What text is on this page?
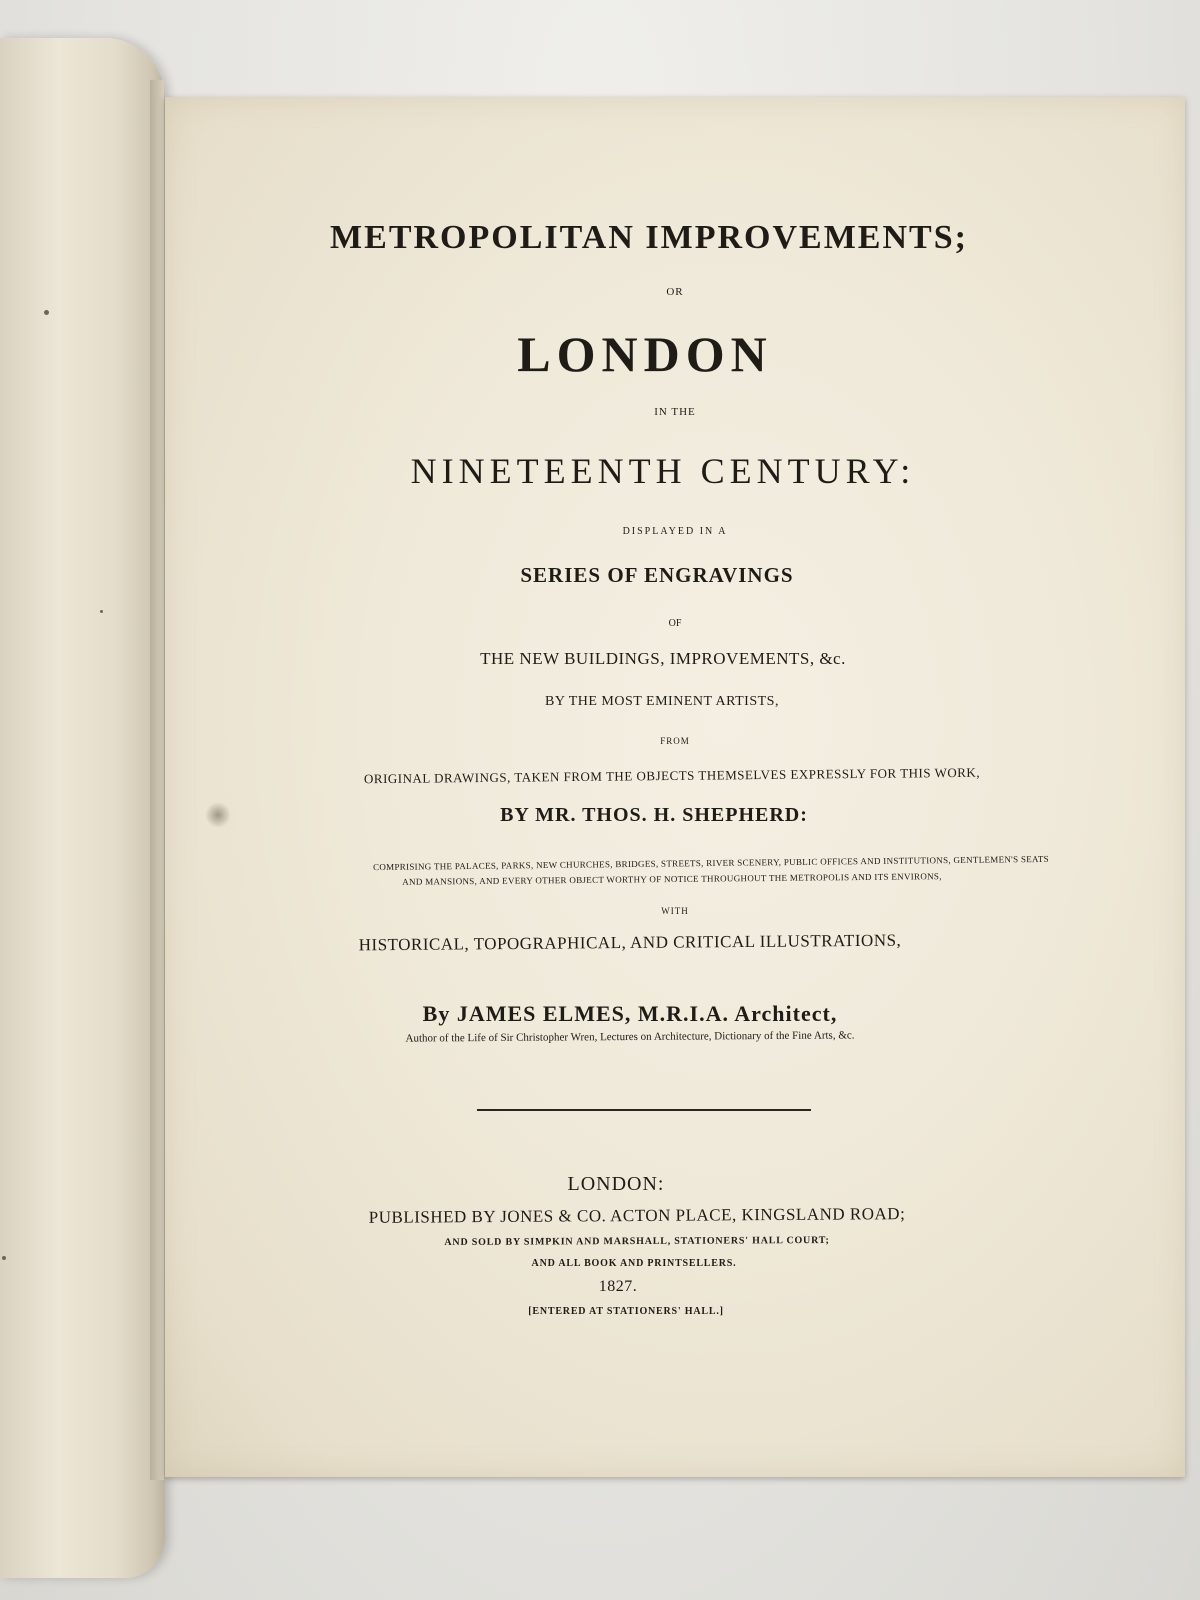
METROPOLITAN IMPROVEMENTS;
OR
LONDON
IN THE
NINETEENTH CENTURY:
DISPLAYED IN A
SERIES OF ENGRAVINGS
OF
THE NEW BUILDINGS, IMPROVEMENTS, &c.
BY THE MOST EMINENT ARTISTS,
FROM
ORIGINAL DRAWINGS, TAKEN FROM THE OBJECTS THEMSELVES EXPRESSLY FOR THIS WORK,
BY MR. THOS. H. SHEPHERD:
COMPRISING THE PALACES, PARKS, NEW CHURCHES, BRIDGES, STREETS, RIVER SCENERY, PUBLIC OFFICES AND INSTITUTIONS, GENTLEMEN'S SEATS
AND MANSIONS, AND EVERY OTHER OBJECT WORTHY OF NOTICE THROUGHOUT THE METROPOLIS AND ITS ENVIRONS,
WITH
HISTORICAL, TOPOGRAPHICAL, AND CRITICAL ILLUSTRATIONS,
By JAMES ELMES, M.R.I.A. Architect,
Author of the Life of Sir Christopher Wren, Lectures on Architecture, Dictionary of the Fine Arts, &c.
LONDON:
PUBLISHED BY JONES & CO. ACTON PLACE, KINGSLAND ROAD;
AND SOLD BY SIMPKIN AND MARSHALL, STATIONERS' HALL COURT;
AND ALL BOOK AND PRINTSELLERS.
1827.
[ENTERED AT STATIONERS' HALL.]
